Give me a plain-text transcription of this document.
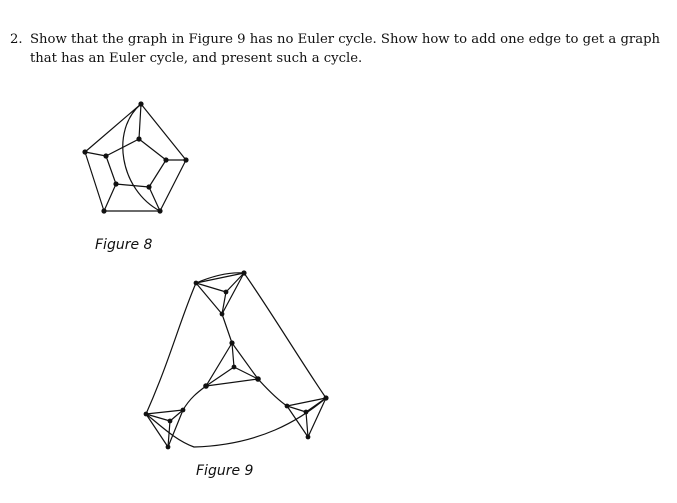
2. Show that the graph in Figure 9 has no Euler cycle. Show how to add one edge to get a graph that has an Euler cycle, and present such a cycle.
Figure 8
Figure 9
